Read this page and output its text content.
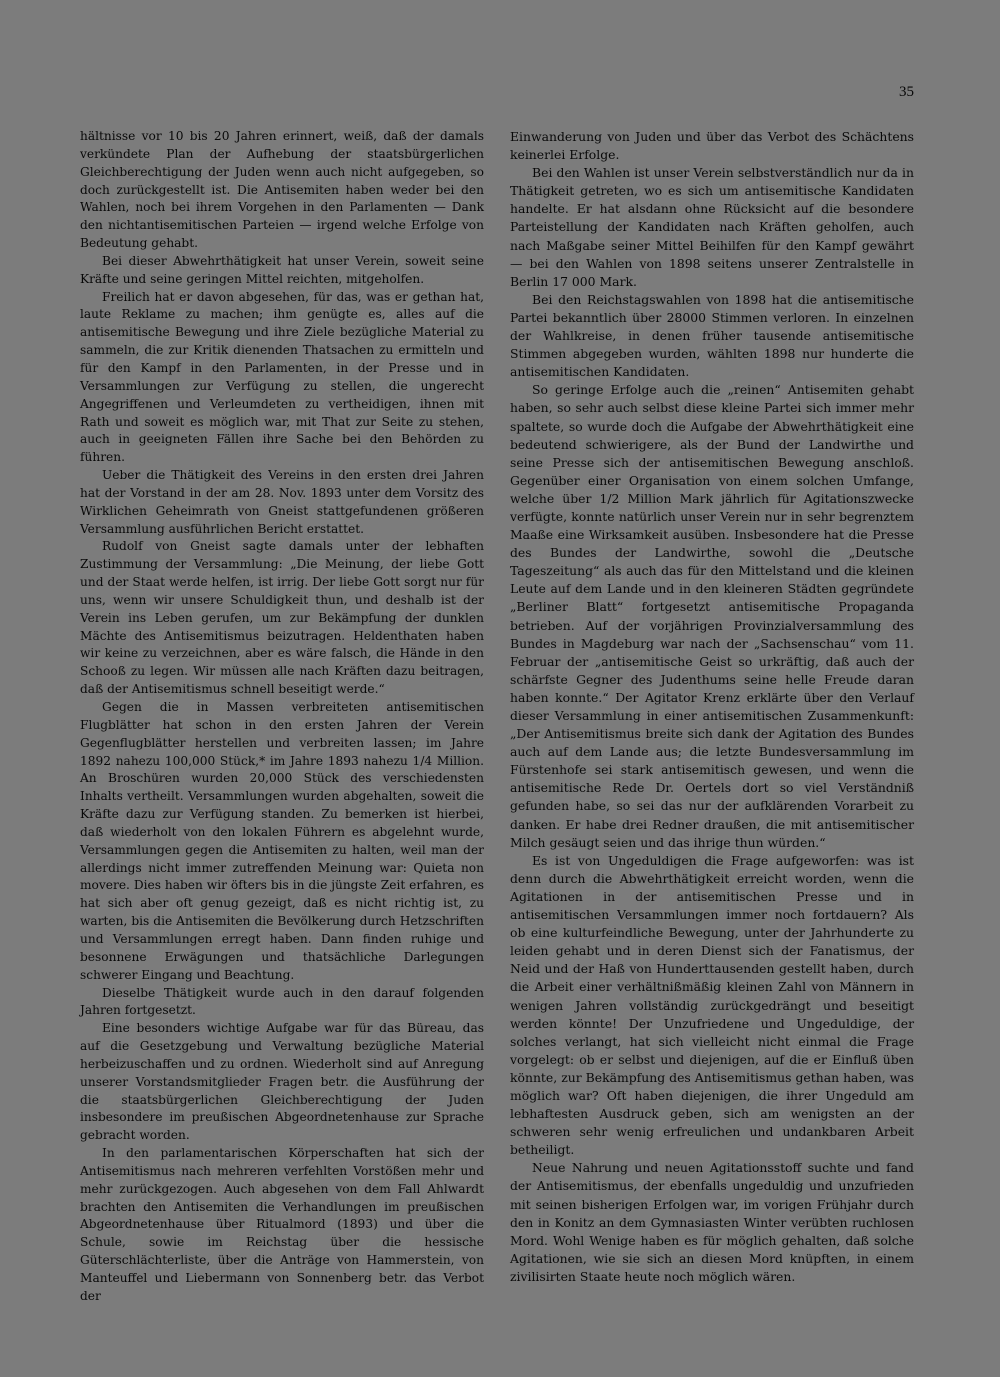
35

hältnisse vor 10 bis 20 Jahren erinnert, weiß, daß der damals verkündete Plan der Aufhebung der staatsbürgerlichen Gleichberechtigung der Juden wenn auch nicht aufgegeben, so doch zurückgestellt ist. Die Antisemiten haben weder bei den Wahlen, noch bei ihrem Vorgehen in den Parlamenten — Dank den nichtantisemitischen Parteien — irgend welche Erfolge von Bedeutung gehabt.

Bei dieser Abwehrthätigkeit hat unser Verein, soweit seine Kräfte und seine geringen Mittel reichten, mitgeholfen.

Freilich hat er davon abgesehen, für das, was er gethan hat, laute Reklame zu machen; ihm genügte es, alles auf die antisemitische Bewegung und ihre Ziele bezügliche Material zu sammeln, die zur Kritik dienenden Thatsachen zu ermitteln und für den Kampf in den Parlamenten, in der Presse und in Versammlungen zur Verfügung zu stellen, die ungerecht Angegriffenen und Verleumdeten zu vertheidigen, ihnen mit Rath und soweit es möglich war, mit That zur Seite zu stehen, auch in geeigneten Fällen ihre Sache bei den Behörden zu führen.

Ueber die Thätigkeit des Vereins in den ersten drei Jahren hat der Vorstand in der am 28. Nov. 1893 unter dem Vorsitz des Wirklichen Geheimrath von Gneist stattgefundenen größeren Versammlung ausführlichen Bericht erstattet.

Rudolf von Gneist sagte damals unter der lebhaften Zustimmung der Versammlung: „Die Meinung, der liebe Gott und der Staat werde helfen, ist irrig. Der liebe Gott sorgt nur für uns, wenn wir unsere Schuldigkeit thun, und deshalb ist der Verein ins Leben gerufen, um zur Bekämpfung der dunklen Mächte des Antisemitismus beizutragen. Heldenthaten haben wir keine zu verzeichnen, aber es wäre falsch, die Hände in den Schooß zu legen. Wir müssen alle nach Kräften dazu beitragen, daß der Antisemitismus schnell beseitigt werde.“

Gegen die in Massen verbreiteten antisemitischen Flugblätter hat schon in den ersten Jahren der Verein Gegenflugblätter herstellen und verbreiten lassen; im Jahre 1892 nahezu 100,000 Stück,* im Jahre 1893 nahezu 1/4 Million. An Broschüren wurden 20,000 Stück des verschiedensten Inhalts vertheilt. Versammlungen wurden abgehalten, soweit die Kräfte dazu zur Verfügung standen. Zu bemerken ist hierbei, daß wiederholt von den lokalen Führern es abgelehnt wurde, Versammlungen gegen die Antisemiten zu halten, weil man der allerdings nicht immer zutreffenden Meinung war: Quieta non movere. Dies haben wir öfters bis in die jüngste Zeit erfahren, es hat sich aber oft genug gezeigt, daß es nicht richtig ist, zu warten, bis die Antisemiten die Bevölkerung durch Hetzschriften und Versammlungen erregt haben. Dann finden ruhige und besonnene Erwägungen und thatsächliche Darlegungen schwerer Eingang und Beachtung.

Dieselbe Thätigkeit wurde auch in den darauf folgenden Jahren fortgesetzt.

Eine besonders wichtige Aufgabe war für das Büreau, das auf die Gesetzgebung und Verwaltung bezügliche Material herbeizuschaffen und zu ordnen. Wiederholt sind auf Anregung unserer Vorstandsmitglieder Fragen betr. die Ausführung der die staatsbürgerlichen Gleichberechtigung der Juden insbesondere im preußischen Abgeordnetenhause zur Sprache gebracht worden.

In den parlamentarischen Körperschaften hat sich der Antisemitismus nach mehreren verfehlten Vorstößen mehr und mehr zurückgezogen. Auch abgesehen von dem Fall Ahlwardt brachten den Antisemiten die Verhandlungen im preußischen Abgeordnetenhause über Ritualmord (1893) und über die Schule, sowie im Reichstag über die hessische Güterschlächterliste, über die Anträge von Hammerstein, von Manteuffel und Liebermann von Sonnenberg betr. das Verbot der

Einwanderung von Juden und über das Verbot des Schächtens keinerlei Erfolge.

Bei den Wahlen ist unser Verein selbstverständlich nur da in Thätigkeit getreten, wo es sich um antisemitische Kandidaten handelte. Er hat alsdann ohne Rücksicht auf die besondere Parteistellung der Kandidaten nach Kräften geholfen, auch nach Maßgabe seiner Mittel Beihilfen für den Kampf gewährt — bei den Wahlen von 1898 seitens unserer Zentralstelle in Berlin 17 000 Mark.

Bei den Reichstagswahlen von 1898 hat die antisemitische Partei bekanntlich über 28000 Stimmen verloren. In einzelnen der Wahlkreise, in denen früher tausende antisemitische Stimmen abgegeben wurden, wählten 1898 nur hunderte die antisemitischen Kandidaten.

So geringe Erfolge auch die „reinen“ Antisemiten gehabt haben, so sehr auch selbst diese kleine Partei sich immer mehr spaltete, so wurde doch die Aufgabe der Abwehrthätigkeit eine bedeutend schwierigere, als der Bund der Landwirthe und seine Presse sich der antisemitischen Bewegung anschloß. Gegenüber einer Organisation von einem solchen Umfange, welche über 1/2 Million Mark jährlich für Agitationszwecke verfügte, konnte natürlich unser Verein nur in sehr begrenztem Maaße eine Wirksamkeit ausüben. Insbesondere hat die Presse des Bundes der Landwirthe, sowohl die „Deutsche Tageszeitung“ als auch das für den Mittelstand und die kleinen Leute auf dem Lande und in den kleineren Städten gegründete „Berliner Blatt“ fortgesetzt antisemitische Propaganda betrieben. Auf der vorjährigen Provinzialversammlung des Bundes in Magdeburg war nach der „Sachsenschau“ vom 11. Februar der „antisemitische Geist so urkräftig, daß auch der schärfste Gegner des Judenthums seine helle Freude daran haben konnte.“ Der Agitator Krenz erklärte über den Verlauf dieser Versammlung in einer antisemitischen Zusammenkunft: „Der Antisemitismus breite sich dank der Agitation des Bundes auch auf dem Lande aus; die letzte Bundesversammlung im Fürstenhofe sei stark antisemitisch gewesen, und wenn die antisemitische Rede Dr. Oertels dort so viel Verständniß gefunden habe, so sei das nur der aufklärenden Vorarbeit zu danken. Er habe drei Redner draußen, die mit antisemitischer Milch gesäugt seien und das ihrige thun würden.“

Es ist von Ungeduldigen die Frage aufgeworfen: was ist denn durch die Abwehrthätigkeit erreicht worden, wenn die Agitationen in der antisemitischen Presse und in antisemitischen Versammlungen immer noch fortdauern? Als ob eine kulturfeindliche Bewegung, unter der Jahrhunderte zu leiden gehabt und in deren Dienst sich der Fanatismus, der Neid und der Haß von Hunderttausenden gestellt haben, durch die Arbeit einer verhältnißmäßig kleinen Zahl von Männern in wenigen Jahren vollständig zurückgedrängt und beseitigt werden könnte! Der Unzufriedene und Ungeduldige, der solches verlangt, hat sich vielleicht nicht einmal die Frage vorgelegt: ob er selbst und diejenigen, auf die er Einfluß üben könnte, zur Bekämpfung des Antisemitismus gethan haben, was möglich war? Oft haben diejenigen, die ihrer Ungeduld am lebhaftesten Ausdruck geben, sich am wenigsten an der schweren sehr wenig erfreulichen und undankbaren Arbeit betheiligt.

Neue Nahrung und neuen Agitationsstoff suchte und fand der Antisemitismus, der ebenfalls ungeduldig und unzufrieden mit seinen bisherigen Erfolgen war, im vorigen Frühjahr durch den in Konitz an dem Gymnasiasten Winter verübten ruchlosen Mord. Wohl Wenige haben es für möglich gehalten, daß solche Agitationen, wie sie sich an diesen Mord knüpften, in einem zivilisirten Staate heute noch möglich wären.
